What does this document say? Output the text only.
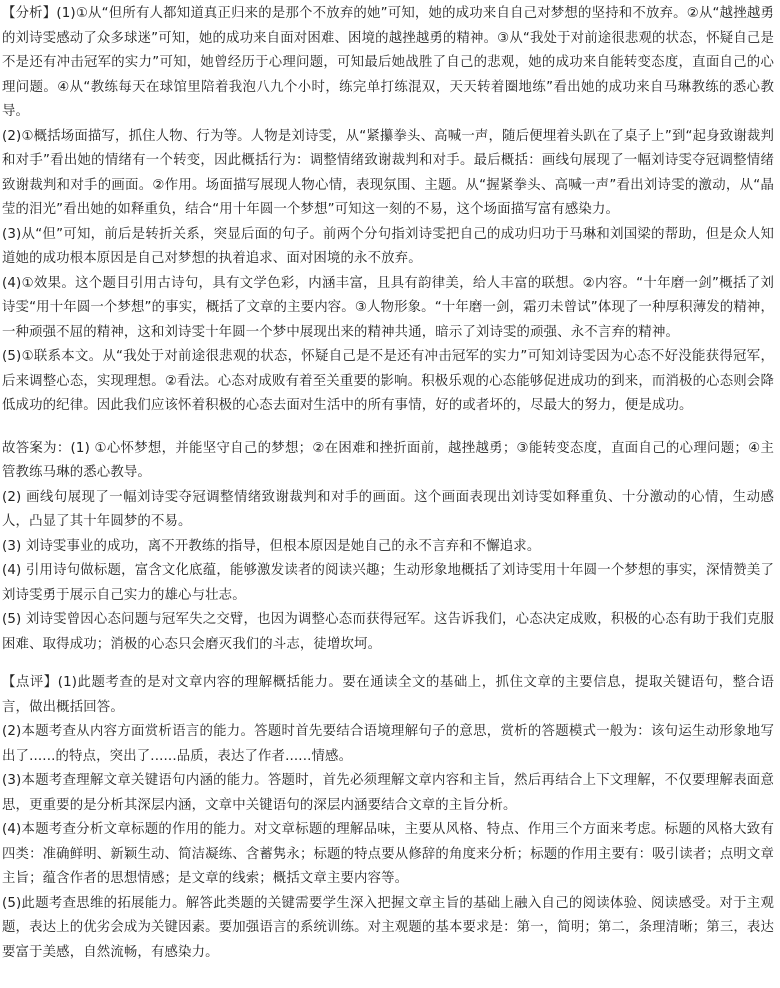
【分析】(1)①从“但所有人都知道真正归来的是那个不放弃的她”可知，她的成功来自自己对梦想的坚持和不放弃。②从“越挫越勇的刘诗雯感动了众多球迷”可知，她的成功来自面对困难、困境的越挫越勇的精神。③从“我处于对前途很悲观的状态，怀疑自己是不是还有冲击冠军的实力”可知，她曾经历于心理问题，可知最后她战胜了自己的悲观，她的成功来自能转变态度，直面自己的心理问题。④从“教练每天在球馆里陪着我泡八九个小时，练完单打练混双，天天转着圈地练”看出她的成功来自马琳教练的悉心教导。

(2)①概括场面描写，抓住人物、行为等。人物是刘诗雯，从“紧攥拳头、高喊一声，随后便埋着头趴在了桌子上”到“起身致谢裁判和对手”看出她的情绪有一个转变，因此概括行为：调整情绪致谢裁判和对手。最后概括：画线句展现了一幅刘诗雯夺冠调整情绪致谢裁判和对手的画面。②作用。场面描写展现人物心情，表现氛围、主题。从“握紧拳头、高喊一声”看出刘诗雯的激动，从“晶莹的泪光”看出她的如释重负，结合“用十年圆一个梦想”可知这一刻的不易，这个场面描写富有感染力。

(3)从“但”可知，前后是转折关系，突显后面的句子。前两个分句指刘诗雯把自己的成功归功于马琳和刘国梁的帮助，但是众人知道她的成功根本原因是自己对梦想的执着追求、面对困境的永不放弃。

(4)①效果。这个题目引用古诗句，具有文学色彩，内涵丰富，且具有韵律美，给人丰富的联想。②内容。“十年磨一剑”概括了刘诗雯“用十年圆一个梦想”的事实，概括了文章的主要内容。③人物形象。“十年磨一剑，霜刃未曾试”体现了一种厚积薄发的精神，一种顽强不屈的精神，这和刘诗雯十年圆一个梦中展现出来的精神共通，暗示了刘诗雯的顽强、永不言弃的精神。

(5)①联系本文。从“我处于对前途很悲观的状态，怀疑自己是不是还有冲击冠军的实力”可知刘诗雯因为心态不好没能获得冠军，后来调整心态，实现理想。②看法。心态对成败有着至关重要的影响。积极乐观的心态能够促进成功的到来，而消极的心态则会降低成功的纪律。因此我们应该怀着积极的心态去面对生活中的所有事情，好的或者坏的，尽最大的努力，便是成功。

故答案为：(1) ①心怀梦想，并能坚守自己的梦想；②在困难和挫折面前，越挫越勇；③能转变态度，直面自己的心理问题；④主管教练马琳的悉心教导。

(2) 画线句展现了一幅刘诗雯夺冠调整情绪致谢裁判和对手的画面。这个画面表现出刘诗雯如释重负、十分激动的心情，生动感人，凸显了其十年圆梦的不易。

(3) 刘诗雯事业的成功，离不开教练的指导，但根本原因是她自己的永不言弃和不懈追求。

(4) 引用诗句做标题，富含文化底蕴，能够激发读者的阅读兴趣；生动形象地概括了刘诗雯用十年圆一个梦想的事实，深情赞美了刘诗雯勇于展示自己实力的雄心与壮志。

(5) 刘诗雯曾因心态问题与冠军失之交臂，也因为调整心态而获得冠军。这告诉我们，心态决定成败，积极的心态有助于我们克服困难、取得成功；消极的心态只会磨灭我们的斗志，徒增坎坷。

【点评】(1)此题考查的是对文章内容的理解概括能力。要在通读全文的基础上，抓住文章的主要信息，提取关键语句，整合语言，做出概括回答。

(2)本题考查从内容方面赏析语言的能力。答题时首先要结合语境理解句子的意思，赏析的答题模式一般为：该句运生动形象地写出了......的特点，突出了......品质，表达了作者......情感。

(3)本题考查理解文章关键语句内涵的能力。答题时，首先必须理解文章内容和主旨，然后再结合上下文理解，不仅要理解表面意思，更重要的是分析其深层内涵，文章中关键语句的深层内涵要结合文章的主旨分析。

(4)本题考查分析文章标题的作用的能力。对文章标题的理解品味，主要从风格、特点、作用三个方面来考虑。标题的风格大致有四类：准确鲜明、新颖生动、简洁凝练、含蓄隽永；标题的特点要从修辞的角度来分析；标题的作用主要有：吸引读者；点明文章主旨；蕴含作者的思想情感；是文章的线索；概括文章主要内容等。

(5)此题考查思维的拓展能力。解答此类题的关键需要学生深入把握文章主旨的基础上融入自己的阅读体验、阅读感受。对于主观题，表达上的优劣会成为关键因素。要加强语言的系统训练。对主观题的基本要求是：第一，简明；第二，条理清晰；第三，表达要富于美感，自然流畅，有感染力。
